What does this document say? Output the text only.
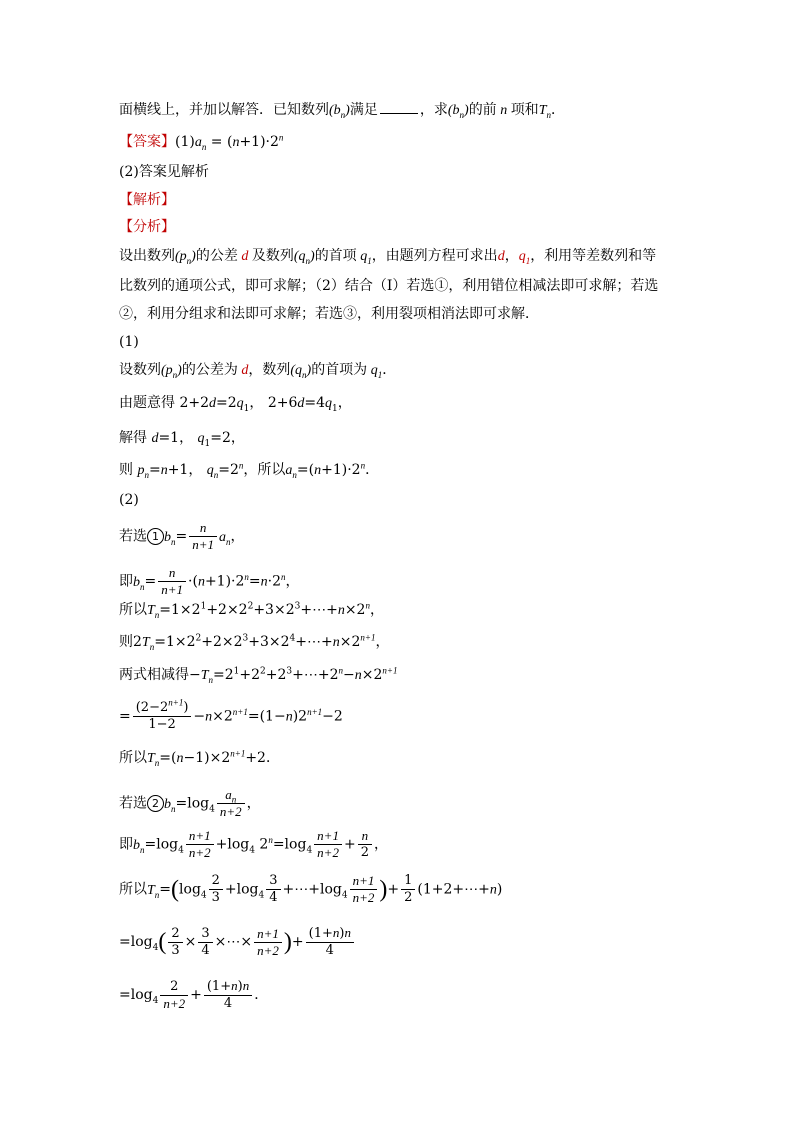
面横线上，并加以解答．已知数列$(b_n)$满足	，求$(b_n)$的前 n 项和$T_n$．
【答案】$(1)a_n = (n+1)\cdot 2^n$
(2)答案见解析
【解析】
【分析】
设出数列$(p_n)$的公差 d 及数列$(q_n)$的首项 $q_1$，由题列方程可求出d，$q_1$，利用等差数列和等
比数列的通项公式，即可求解；（2）结合（Ⅰ）若选①，利用错位相减法即可求解；若选
②，利用分组求和法即可求解；若选③，利用裂项相消法即可求解．
(1)
设数列$(p_n)$的公差为 d，数列$(q_n)$的首项为 $q_1$．
由题意得 $2+2d=2q_1$， $2+6d=4q_1$，
解得 d=1， $q_1=2$，
则 $p_n=n+1$， $q_n=2^n$，所以$a_n=(n+1)\cdot 2^n$．
(2)
若选 1 $b_n= \frac{n}{n+1} a_n$，
即$b_n= \frac{n}{n+1} \cdot(n+1)\cdot 2^n=n\cdot 2^n$，
所以$T_n=1\times 2^1+2\times 2^2+3\times 2^3+\cdots+n\times 2^n$，
则$2T_n=1\times 2^2+2\times 2^3+3\times 2^4+\cdots+n\times 2^{n+1}$，
两式相减得$-T_n=2^1+2^2+2^3+\cdots+2^n-n\times 2^{n+1}$
= $\frac{(2-2^{n+1})}{1-2} -n\times 2^{n+1}=(1-n)2^{n+1}-2$
所以$T_n=(n-1)\times 2^{n+1}+2$．
若选 2 $b_n=\log_4 \frac{a_n}{n+2}$ ，
即$b_n=\log_4 \frac{n+1}{n+2} +\log_4$ $2^n=\log_4 \frac{n+1}{n+2} + \frac{n}{2}$ ，
所以$T_n=(\log_4 \frac{2}{3} +\log_4 \frac{3}{4}$ $+\cdots+\log_4 \frac{n+1}{n+2}$ )+ $\frac{1}{2}$ (1+2+⋯+n)
$=\log_4( \frac{2}{3} \times \frac{3}{4}$ ×⋯× $\frac{n+1}{n+2}$ )+ $\frac{(1+n)n}{4}$
$=\log_4 \frac{2}{n+2} + \frac{(1+n)n}{4}$ ．
